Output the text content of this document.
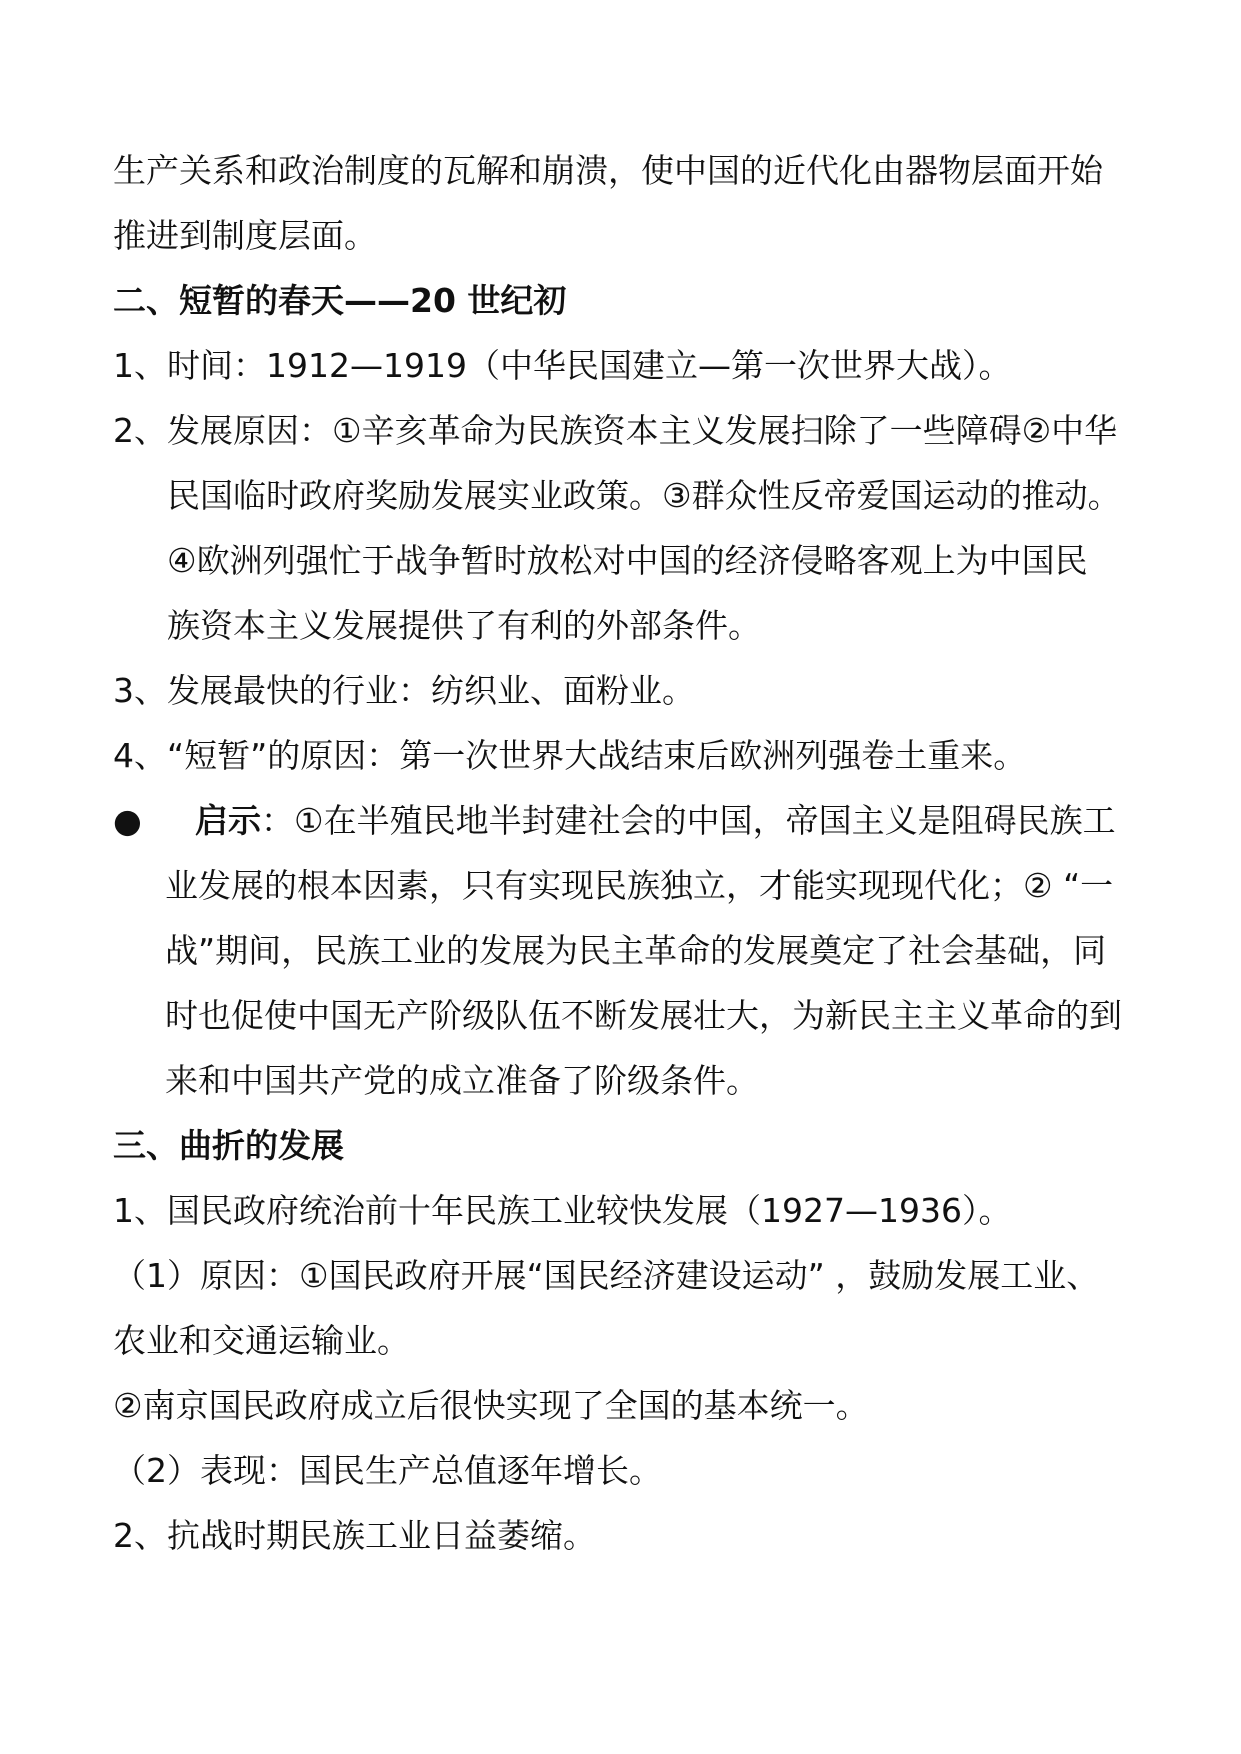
生产关系和政治制度的瓦解和崩溃，使中国的近代化由器物层面开始

推进到制度层面。

二、短暂的春天——20 世纪初

1、 时间：1912—1919（中华民国建立—第一次世界大战）。

2、 发展原因：①辛亥革命为民族资本主义发展扫除了一些障碍②中华

民国临时政府奖励发展实业政策。③群众性反帝爱国运动的推动。

④欧洲列强忙于战争暂时放松对中国的经济侵略客观上为中国民

族资本主义发展提供了有利的外部条件。

3、 发展最快的行业：纺织业、面粉业。

4、 “短暂”的原因：第一次世界大战结束后欧洲列强卷土重来。

●	启示：①在半殖民地半封建社会的中国，帝国主义是阻碍民族工

业发展的根本因素，只有实现民族独立，才能实现现代化；② “一

战”期间，民族工业的发展为民主革命的发展奠定了社会基础，同

时也促使中国无产阶级队伍不断发展壮大，为新民主主义革命的到

来和中国共产党的成立准备了阶级条件。

三、曲折的发展

1、 国民政府统治前十年民族工业较快发展（1927—1936）。

（1）原因：①国民政府开展“国民经济建设运动” ，鼓励发展工业、

农业和交通运输业。

②南京国民政府成立后很快实现了全国的基本统一。

（2）表现：国民生产总值逐年增长。

2、 抗战时期民族工业日益萎缩。
